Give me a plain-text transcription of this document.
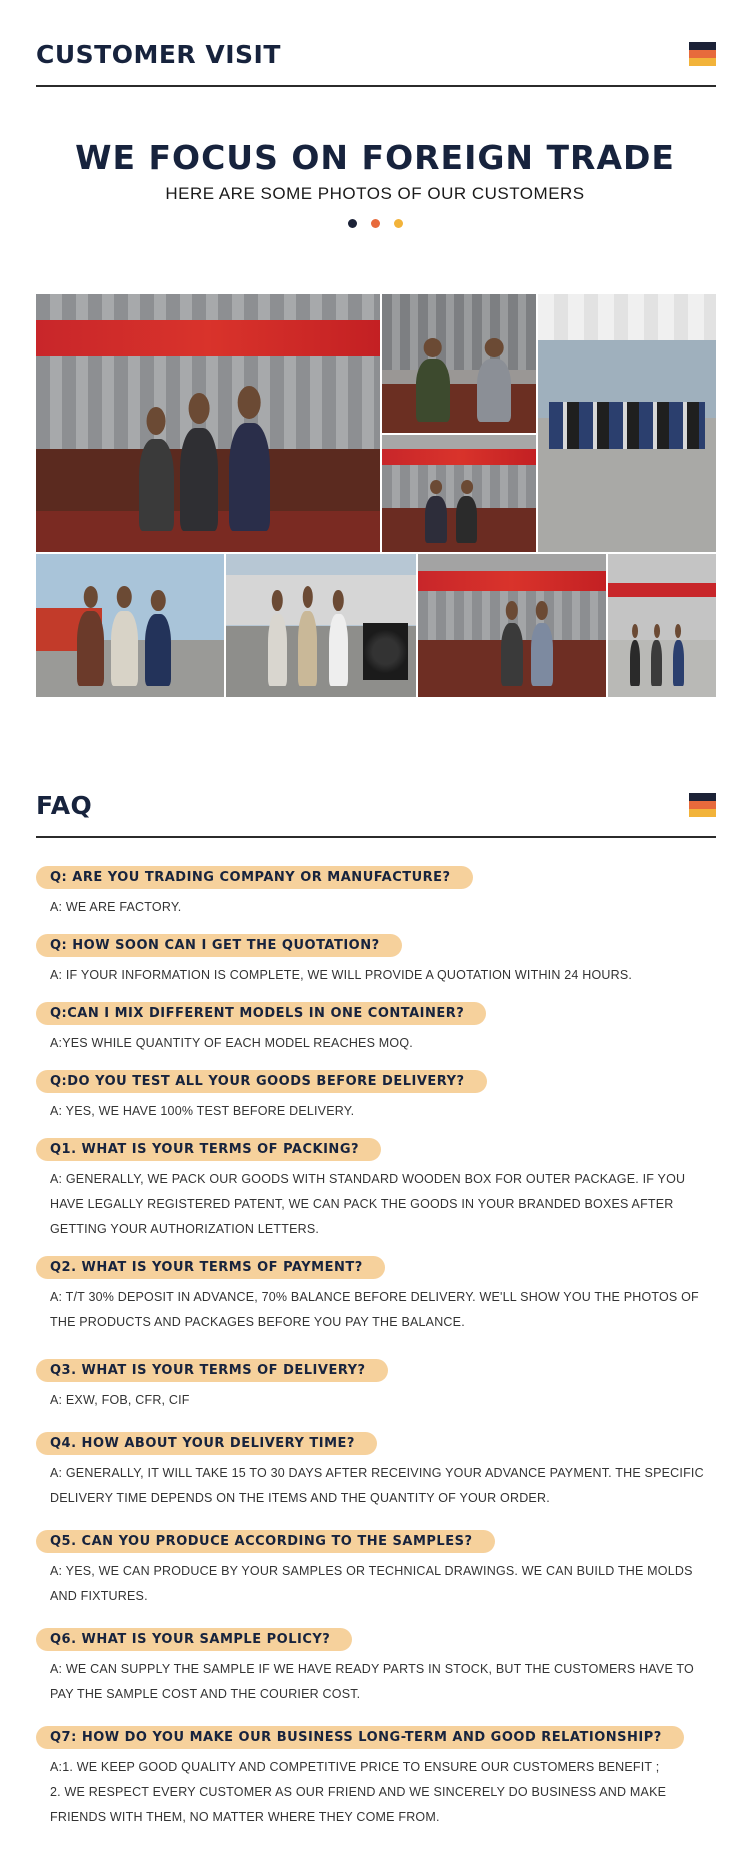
CUSTOMER VISIT
WE FOCUS ON FOREIGN TRADE
HERE ARE SOME PHOTOS OF OUR CUSTOMERS
FAQ
Q: ARE YOU TRADING COMPANY OR MANUFACTURE?
A: WE ARE FACTORY.
Q: HOW SOON CAN I GET THE QUOTATION?
A: IF YOUR INFORMATION IS COMPLETE, WE WILL PROVIDE A QUOTATION WITHIN 24 HOURS.
Q:CAN I MIX DIFFERENT MODELS IN ONE CONTAINER?
A:YES WHILE QUANTITY OF EACH MODEL REACHES MOQ.
Q:DO YOU TEST ALL YOUR GOODS BEFORE DELIVERY?
A: YES, WE HAVE 100% TEST BEFORE DELIVERY.
Q1. WHAT IS YOUR TERMS OF PACKING?
A: GENERALLY, WE PACK OUR GOODS WITH STANDARD WOODEN BOX FOR OUTER PACKAGE. IF YOU
HAVE LEGALLY REGISTERED PATENT, WE CAN PACK THE GOODS IN YOUR BRANDED BOXES AFTER
GETTING YOUR AUTHORIZATION LETTERS.
Q2. WHAT IS YOUR TERMS OF PAYMENT?
A: T/T 30% DEPOSIT IN ADVANCE, 70% BALANCE BEFORE DELIVERY. WE'LL SHOW YOU THE PHOTOS OF
THE PRODUCTS AND PACKAGES BEFORE YOU PAY THE BALANCE.
Q3. WHAT IS YOUR TERMS OF DELIVERY?
A: EXW, FOB, CFR, CIF
Q4. HOW ABOUT YOUR DELIVERY TIME?
A: GENERALLY, IT WILL TAKE 15 TO 30 DAYS AFTER RECEIVING YOUR ADVANCE PAYMENT. THE SPECIFIC
DELIVERY TIME DEPENDS ON THE ITEMS AND THE QUANTITY OF YOUR ORDER.
Q5. CAN YOU PRODUCE ACCORDING TO THE SAMPLES?
A: YES, WE CAN PRODUCE BY YOUR SAMPLES OR TECHNICAL DRAWINGS. WE CAN BUILD THE MOLDS
AND FIXTURES.
Q6. WHAT IS YOUR SAMPLE POLICY?
A: WE CAN SUPPLY THE SAMPLE IF WE HAVE READY PARTS IN STOCK, BUT THE CUSTOMERS HAVE TO
PAY THE SAMPLE COST AND THE COURIER COST.
Q7: HOW DO YOU MAKE OUR BUSINESS LONG-TERM AND GOOD RELATIONSHIP?
A:1. WE KEEP GOOD QUALITY AND COMPETITIVE PRICE TO ENSURE OUR CUSTOMERS BENEFIT ;
2. WE RESPECT EVERY CUSTOMER AS OUR FRIEND AND WE SINCERELY DO BUSINESS AND MAKE
FRIENDS WITH THEM, NO MATTER WHERE THEY COME FROM.
